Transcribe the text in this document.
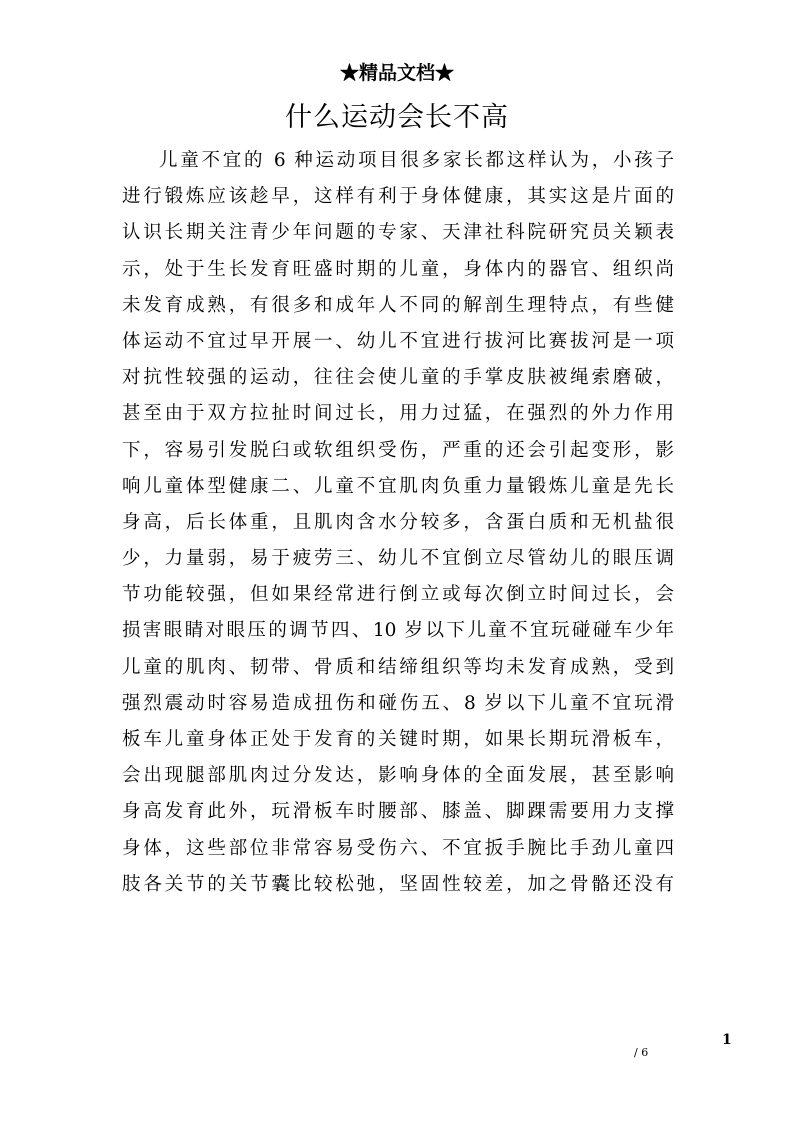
★精品文档★
什么运动会长不高
儿童不宜的 6 种运动项目很多家长都这样认为，小孩子
进行锻炼应该趁早，这样有利于身体健康，其实这是片面的
认识长期关注青少年问题的专家、天津社科院研究员关颖表
示，处于生长发育旺盛时期的儿童，身体内的器官、组织尚
未发育成熟，有很多和成年人不同的解剖生理特点，有些健
体运动不宜过早开展一、幼儿不宜进行拔河比赛拔河是一项
对抗性较强的运动，往往会使儿童的手掌皮肤被绳索磨破，
甚至由于双方拉扯时间过长，用力过猛，在强烈的外力作用
下，容易引发脱臼或软组织受伤，严重的还会引起变形，影
响儿童体型健康二、儿童不宜肌肉负重力量锻炼儿童是先长
身高，后长体重，且肌肉含水分较多，含蛋白质和无机盐很
少，力量弱，易于疲劳三、幼儿不宜倒立尽管幼儿的眼压调
节功能较强，但如果经常进行倒立或每次倒立时间过长，会
损害眼睛对眼压的调节四、10 岁以下儿童不宜玩碰碰车少年
儿童的肌肉、韧带、骨质和结缔组织等均未发育成熟，受到
强烈震动时容易造成扭伤和碰伤五、8 岁以下儿童不宜玩滑
板车儿童身体正处于发育的关键时期，如果长期玩滑板车，
会出现腿部肌肉过分发达，影响身体的全面发展，甚至影响
身高发育此外，玩滑板车时腰部、膝盖、脚踝需要用力支撑
身体，这些部位非常容易受伤六、不宜扳手腕比手劲儿童四
肢各关节的关节囊比较松弛，坚固性较差，加之骨骼还没有
1
/ 6
